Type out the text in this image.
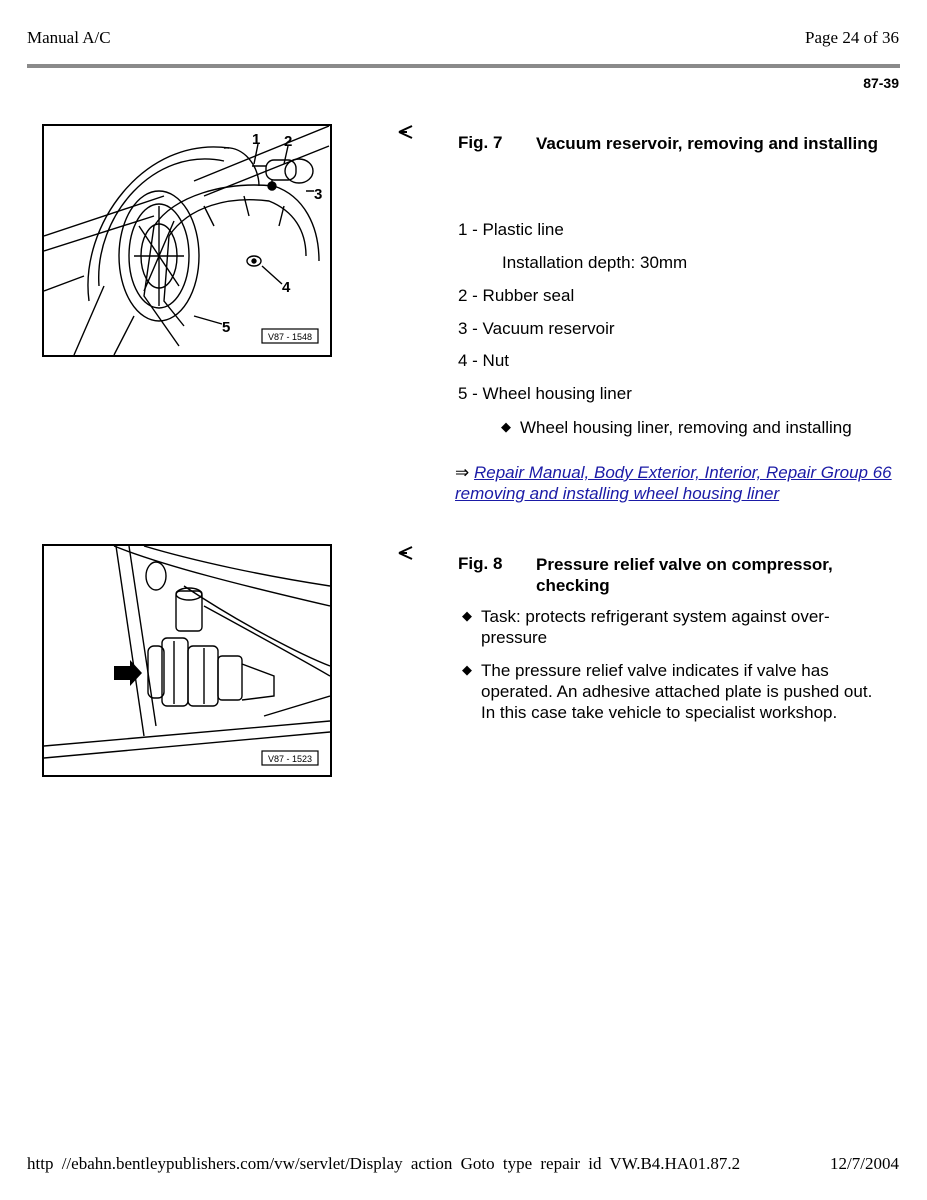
Manual A/C	Page 24 of 36
87-39
1 2
3
4
5
V87 - 1548
Fig. 7 Vacuum reservoir, removing and installing
1 - Plastic line
Installation depth: 30mm
2 - Rubber seal
3 - Vacuum reservoir
4 - Nut
5 - Wheel housing liner
◆ Wheel housing liner, removing and installing
⇒ Repair Manual, Body Exterior, Interior, Repair Group 66 removing and installing wheel housing liner
V87 - 1523
Fig. 8 Pressure relief valve on compressor, checking
◆ Task: protects refrigerant system against over-pressure
◆ The pressure relief valve indicates if valve has operated. An adhesive attached plate is pushed out. In this case take vehicle to specialist workshop.
http //ebahn.bentleypublishers.com/vw/servlet/Display action Goto type repair id VW.B4.HA01.87.2	12/7/2004
